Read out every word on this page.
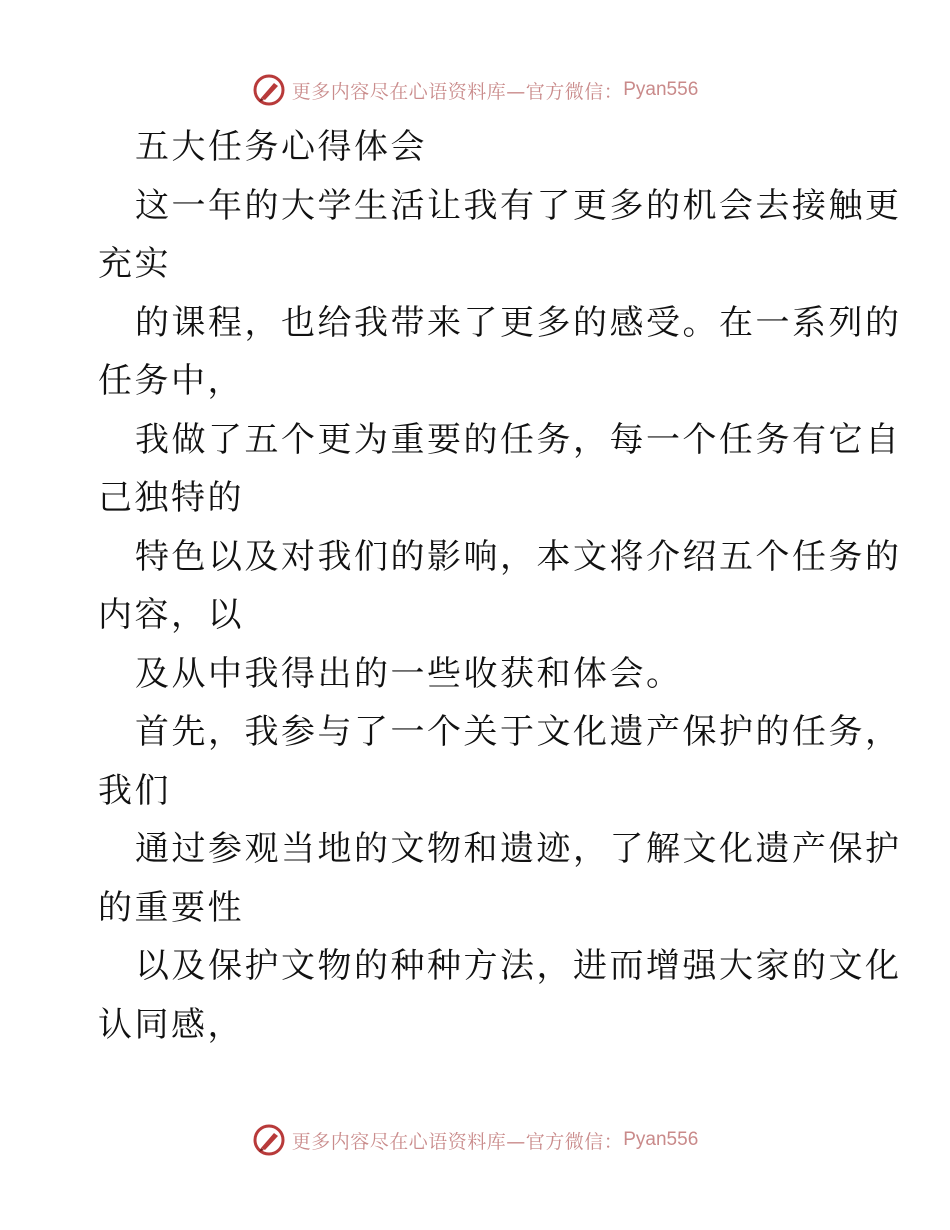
更多内容尽在心语资料库—官方微信： Pyan556

五大任务心得体会

这一年的大学生活让我有了更多的机会去接触更

充实

的课程，也给我带来了更多的感受。在一系列的

任务中，

我做了五个更为重要的任务，每一个任务有它自

己独特的

特色以及对我们的影响，本文将介绍五个任务的

内容，以

及从中我得出的一些收获和体会。

首先，我参与了一个关于文化遗产保护的任务，

我们

通过参观当地的文物和遗迹，了解文化遗产保护

的重要性

以及保护文物的种种方法，进而增强大家的文化

认同感，

更多内容尽在心语资料库—官方微信： Pyan556
